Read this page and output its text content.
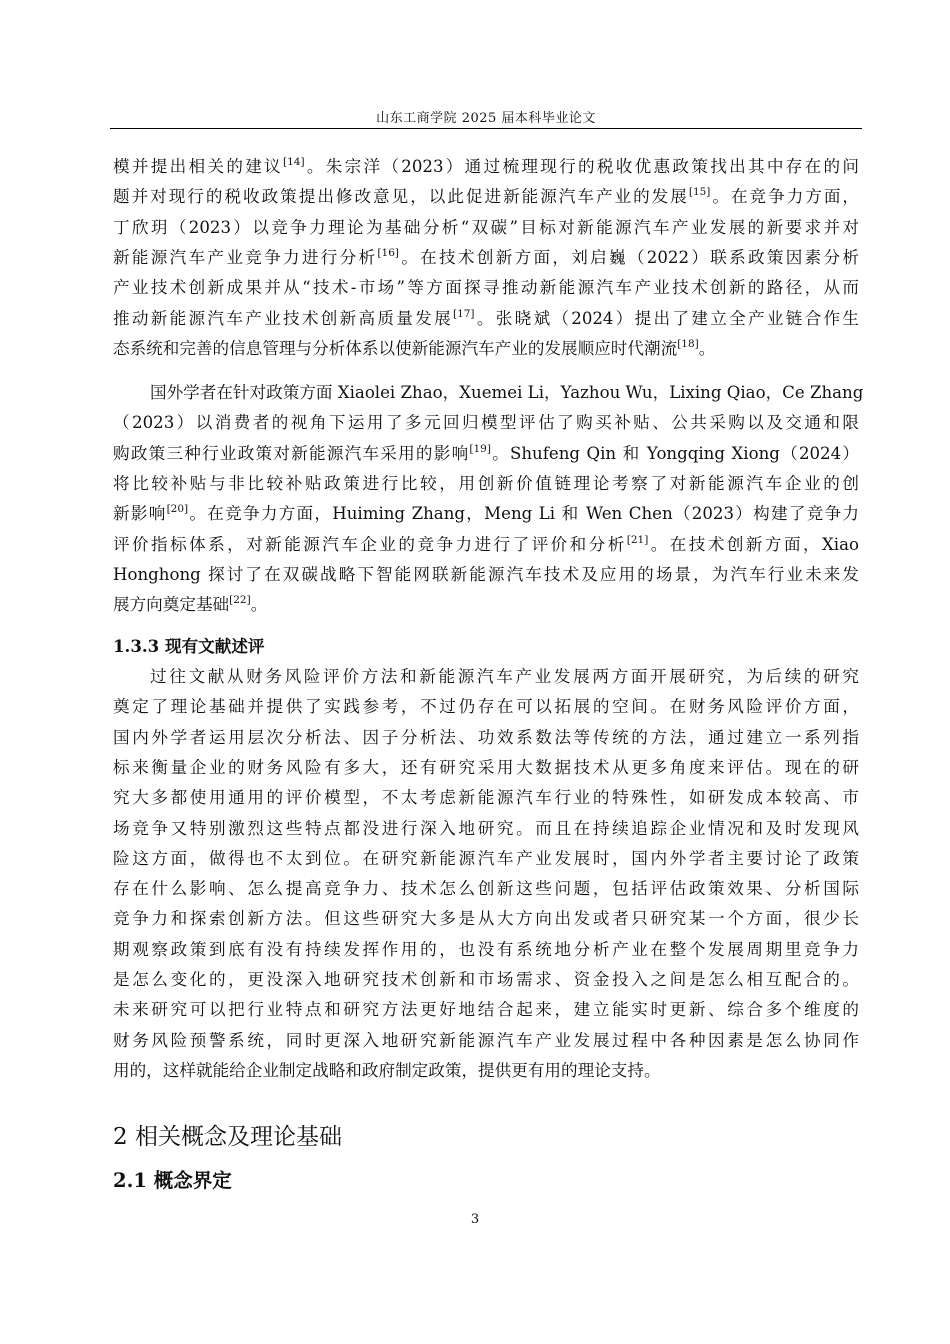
山东工商学院 2025 届本科毕业论文
模并提出相关的建议[14]。朱宗洋（2023）通过梳理现行的税收优惠政策找出其中存在的问
题并对现行的税收政策提出修改意见，以此促进新能源汽车产业的发展[15]。在竞争力方面，
丁欣玥（2023）以竞争力理论为基础分析“双碳”目标对新能源汽车产业发展的新要求并对
新能源汽车产业竞争力进行分析[16]。在技术创新方面，刘启巍（2022）联系政策因素分析
产业技术创新成果并从“技术-市场”等方面探寻推动新能源汽车产业技术创新的路径，从而
推动新能源汽车产业技术创新高质量发展[17]。张晓斌（2024）提出了建立全产业链合作生
态系统和完善的信息管理与分析体系以使新能源汽车产业的发展顺应时代潮流[18]。
国外学者在针对政策方面 Xiaolei Zhao，Xuemei Li，Yazhou Wu，Lixing Qiao，Ce Zhang
（2023）以消费者的视角下运用了多元回归模型评估了购买补贴、公共采购以及交通和限
购政策三种行业政策对新能源汽车采用的影响[19]。Shufeng Qin 和 Yongqing Xiong（2024）
将比较补贴与非比较补贴政策进行比较，用创新价值链理论考察了对新能源汽车企业的创
新影响[20]。在竞争力方面，Huiming Zhang，Meng Li 和 Wen Chen（2023）构建了竞争力
评价指标体系，对新能源汽车企业的竞争力进行了评价和分析[21]。在技术创新方面，Xiao
Honghong 探讨了在双碳战略下智能网联新能源汽车技术及应用的场景，为汽车行业未来发
展方向奠定基础[22]。
1.3.3 现有文献述评
过往文献从财务风险评价方法和新能源汽车产业发展两方面开展研究，为后续的研究
奠定了理论基础并提供了实践参考，不过仍存在可以拓展的空间。在财务风险评价方面，
国内外学者运用层次分析法、因子分析法、功效系数法等传统的方法，通过建立一系列指
标来衡量企业的财务风险有多大，还有研究采用大数据技术从更多角度来评估。现在的研
究大多都使用通用的评价模型，不太考虑新能源汽车行业的特殊性，如研发成本较高、市
场竞争又特别激烈这些特点都没进行深入地研究。而且在持续追踪企业情况和及时发现风
险这方面，做得也不太到位。在研究新能源汽车产业发展时，国内外学者主要讨论了政策
存在什么影响、怎么提高竞争力、技术怎么创新这些问题，包括评估政策效果、分析国际
竞争力和探索创新方法。但这些研究大多是从大方向出发或者只研究某一个方面，很少长
期观察政策到底有没有持续发挥作用的，也没有系统地分析产业在整个发展周期里竞争力
是怎么变化的，更没深入地研究技术创新和市场需求、资金投入之间是怎么相互配合的。
未来研究可以把行业特点和研究方法更好地结合起来，建立能实时更新、综合多个维度的
财务风险预警系统，同时更深入地研究新能源汽车产业发展过程中各种因素是怎么协同作
用的，这样就能给企业制定战略和政府制定政策，提供更有用的理论支持。
2 相关概念及理论基础
2.1 概念界定
3
